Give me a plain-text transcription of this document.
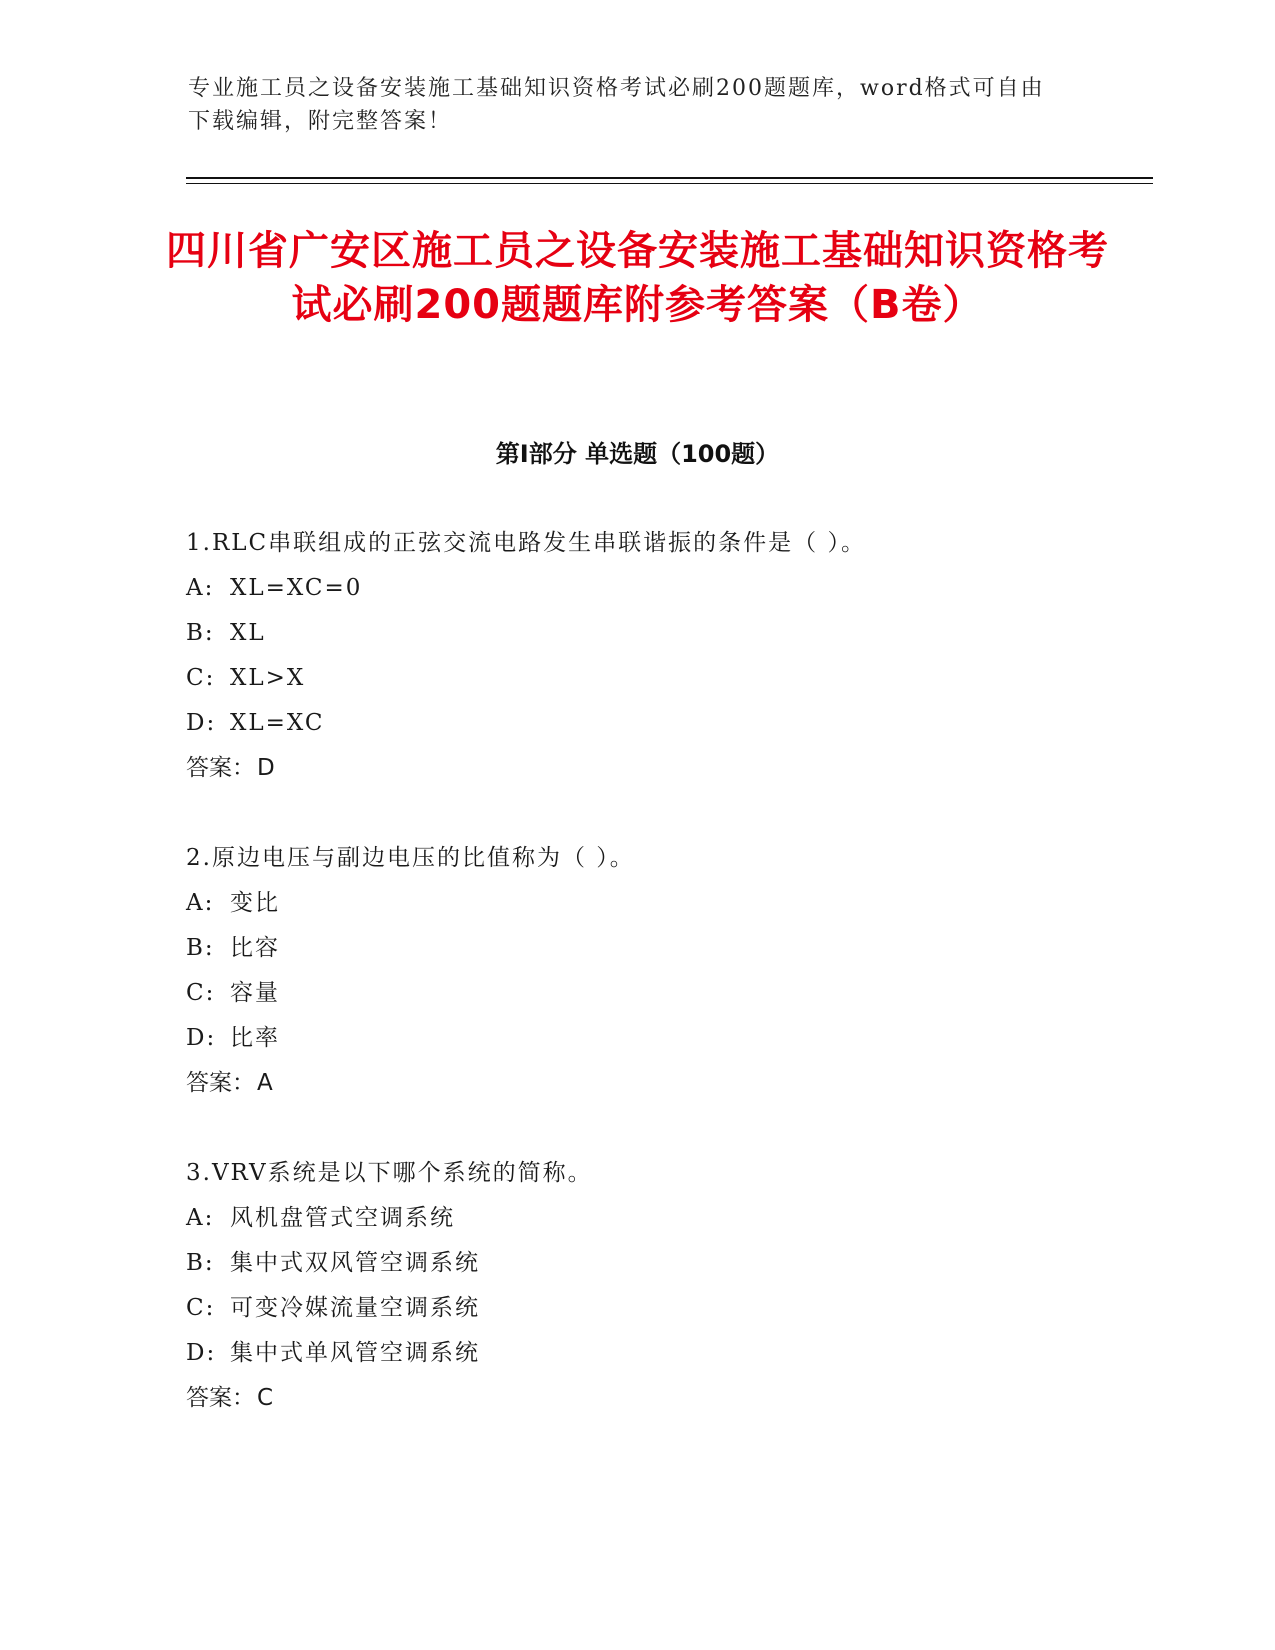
专业施工员之设备安装施工基础知识资格考试必刷200题题库，word格式可自由下载编辑，附完整答案！
四川省广安区施工员之设备安装施工基础知识资格考试必刷200题题库附参考答案（B卷）
第Ⅰ部分 单选题（100题）
1.RLC串联组成的正弦交流电路发生串联谐振的条件是（ ）。
A: XL=XC=0
B: XL
C: XL>X
D: XL=XC
答案：D
2.原边电压与副边电压的比值称为（ ）。
A: 变比
B: 比容
C: 容量
D: 比率
答案：A
3.VRV系统是以下哪个系统的简称。
A: 风机盘管式空调系统
B: 集中式双风管空调系统
C: 可变冷媒流量空调系统
D: 集中式单风管空调系统
答案：C
